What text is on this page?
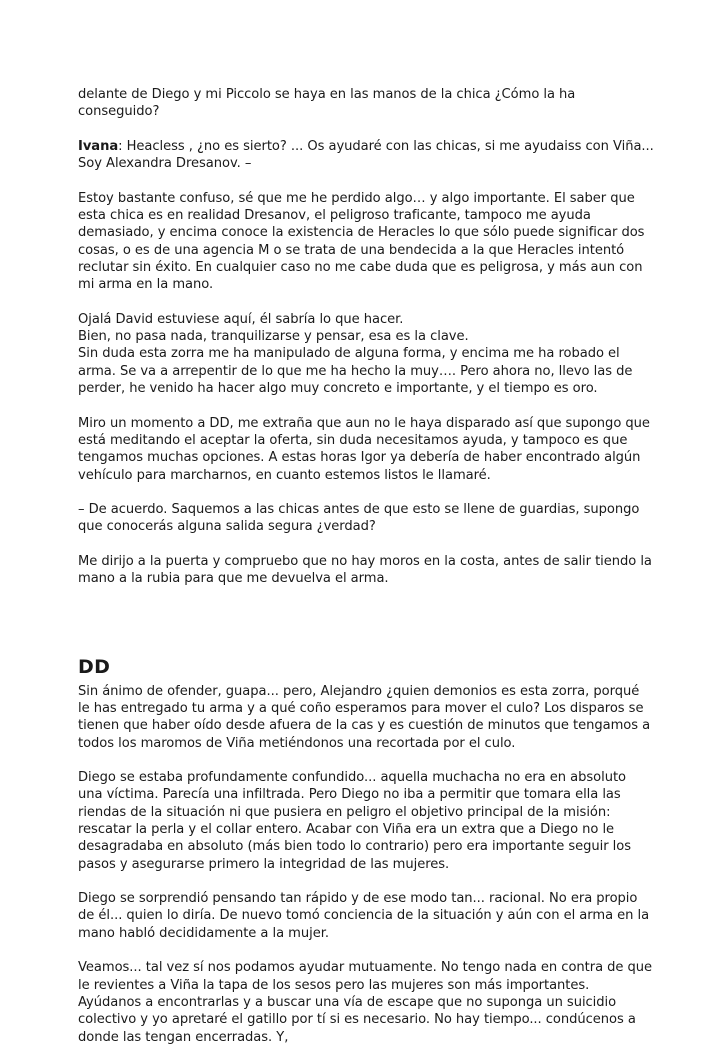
delante de Diego y mi Piccolo se haya en las manos de la chica ¿Cómo la ha conseguido?

Ivana: Heacless , ¿no es sierto? ... Os ayudaré con las chicas, si me ayudaiss con Viña... Soy Alexandra Dresanov. –

Estoy bastante confuso, sé que me he perdido algo… y algo importante. El saber que esta chica es en realidad Dresanov, el peligroso traficante, tampoco me ayuda demasiado, y encima conoce la existencia de Heracles lo que sólo puede significar dos cosas, o es de una agencia M o se trata de una bendecida a la que Heracles intentó reclutar sin éxito. En cualquier caso no me cabe duda que es peligrosa, y más aun con mi arma en la mano.

Ojalá David estuviese aquí, él sabría lo que hacer.

Bien, no pasa nada, tranquilizarse y pensar, esa es la clave.

Sin duda esta zorra me ha manipulado de alguna forma, y encima me ha robado el arma. Se va a arrepentir de lo que me ha hecho la muy…. Pero ahora no, llevo las de perder, he venido ha hacer algo muy concreto e importante, y el tiempo es oro.

Miro un momento a DD, me extraña que aun no le haya disparado así que supongo que está meditando el aceptar la oferta, sin duda necesitamos ayuda, y tampoco es que tengamos muchas opciones. A estas horas Igor ya debería de haber encontrado algún vehículo para marcharnos, en cuanto estemos listos le llamaré.

– De acuerdo. Saquemos a las chicas antes de que esto se llene de guardias, supongo que conocerás alguna salida segura ¿verdad?

Me dirijo a la puerta y compruebo que no hay moros en la costa, antes de salir tiendo la mano a la rubia para que me devuelva el arma.

DD

Sin ánimo de ofender, guapa... pero, Alejandro ¿quien demonios es esta zorra, porqué le has entregado tu arma y a qué coño esperamos para mover el culo? Los disparos se tienen que haber oído desde afuera de la cas y es cuestión de minutos que tengamos a todos los maromos de Viña metiéndonos una recortada por el culo.

Diego se estaba profundamente confundido... aquella muchacha no era en absoluto una víctima. Parecía una infiltrada. Pero Diego no iba a permitir que tomara ella las riendas de la situación ni que pusiera en peligro el objetivo principal de la misión: rescatar la perla y el collar entero. Acabar con Viña era un extra que a Diego no le desagradaba en absoluto (más bien todo lo contrario) pero era importante seguir los pasos y asegurarse primero la integridad de las mujeres.

Diego se sorprendió pensando tan rápido y de ese modo tan... racional. No era propio de él... quien lo diría. De nuevo tomó conciencia de la situación y aún con el arma en la mano habló decididamente a la mujer.

Veamos... tal vez sí nos podamos ayudar mutuamente. No tengo nada en contra de que le revientes a Viña la tapa de los sesos pero las mujeres son más importantes. Ayúdanos a encontrarlas y a buscar una vía de escape que no suponga un suicidio colectivo y yo apretaré el gatillo por tí si es necesario. No hay tiempo... condúcenos a donde las tengan encerradas. Y,
